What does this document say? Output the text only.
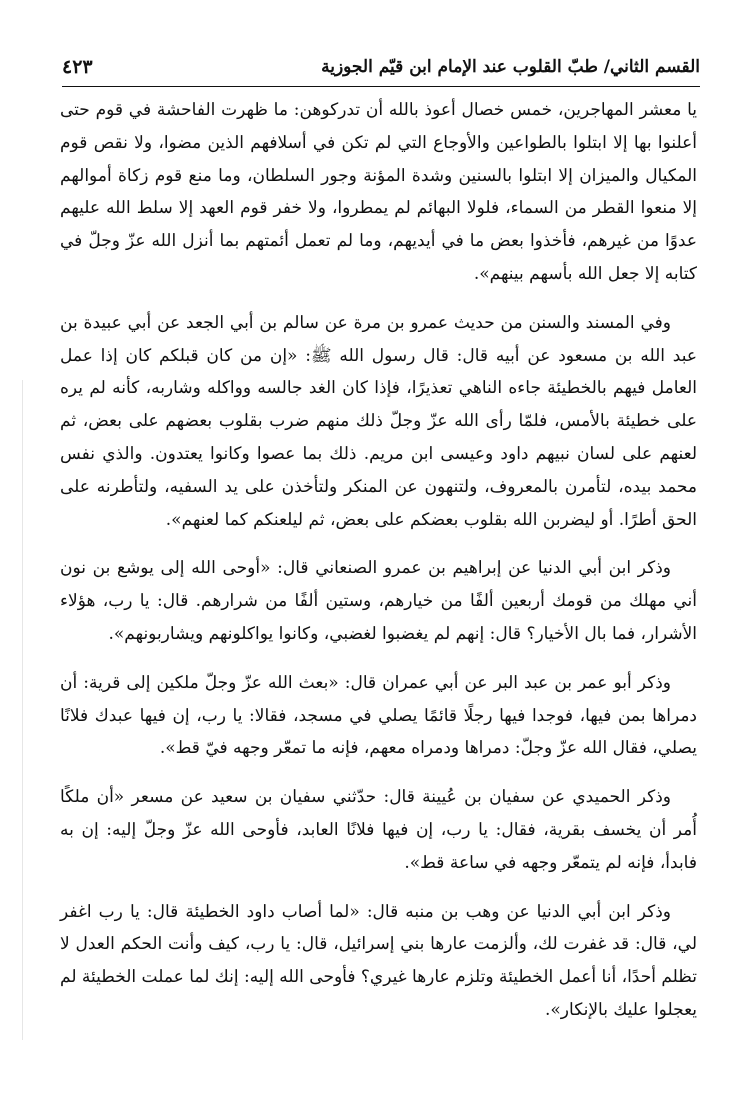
القسم الثاني/ طبّ القلوب عند الإمام ابن قيّم الجوزية
٤٢٣

يا معشر المهاجرين، خمس خصال أعوذ بالله أن تدركوهن: ما ظهرت الفاحشة في قوم حتى أعلنوا بها إلا ابتلوا بالطواعين والأوجاع التي لم تكن في أسلافهم الذين مضوا، ولا نقص قوم المكيال والميزان إلا ابتلوا بالسنين وشدة المؤنة وجور السلطان، وما منع قوم زكاة أموالهم إلا منعوا القطر من السماء، فلولا البهائم لم يمطروا، ولا خفر قوم العهد إلا سلط الله عليهم عدوًا من غيرهم، فأخذوا بعض ما في أيديهم، وما لم تعمل أئمتهم بما أنزل الله عزّ وجلّ في كتابه إلا جعل الله بأسهم بينهم».

وفي المسند والسنن من حديث عمرو بن مرة عن سالم بن أبي الجعد عن أبي عبيدة بن عبد الله بن مسعود عن أبيه قال: قال رسول الله ﷺ: «إن من كان قبلكم كان إذا عمل العامل فيهم بالخطيئة جاءه الناهي تعذيرًا، فإذا كان الغد جالسه وواكله وشاربه، كأنه لم يره على خطيئة بالأمس، فلمّا رأى الله عزّ وجلّ ذلك منهم ضرب بقلوب بعضهم على بعض، ثم لعنهم على لسان نبيهم داود وعيسى ابن مريم. ذلك بما عصوا وكانوا يعتدون. والذي نفس محمد بيده، لتأمرن بالمعروف، ولتنهون عن المنكر ولتأخذن على يد السفيه، ولتأطرنه على الحق أطرًا. أو ليضربن الله بقلوب بعضكم على بعض، ثم ليلعنكم كما لعنهم».

وذكر ابن أبي الدنيا عن إبراهيم بن عمرو الصنعاني قال: «أوحى الله إلى يوشع بن نون أني مهلك من قومك أربعين ألفًا من خيارهم، وستين ألفًا من شرارهم. قال: يا رب، هؤلاء الأشرار، فما بال الأخيار؟ قال: إنهم لم يغضبوا لغضبي، وكانوا يواكلونهم ويشاربونهم».

وذكر أبو عمر بن عبد البر عن أبي عمران قال: «بعث الله عزّ وجلّ ملكين إلى قرية: أن دمراها بمن فيها، فوجدا فيها رجلًا قائمًا يصلي في مسجد، فقالا: يا رب، إن فيها عبدك فلانًا يصلي، فقال الله عزّ وجلّ: دمراها ودمراه معهم، فإنه ما تمعّر وجهه فيّ قط».

وذكر الحميدي عن سفيان بن عُيينة قال: حدّثني سفيان بن سعيد عن مسعر «أن ملكًا أُمر أن يخسف بقرية، فقال: يا رب، إن فيها فلانًا العابد، فأوحى الله عزّ وجلّ إليه: إن به فابدأ، فإنه لم يتمعّر وجهه في ساعة قط».

وذكر ابن أبي الدنيا عن وهب بن منبه قال: «لما أصاب داود الخطيئة قال: يا رب اغفر لي، قال: قد غفرت لك، وألزمت عارها بني إسرائيل، قال: يا رب، كيف وأنت الحكم العدل لا تظلم أحدًا، أنا أعمل الخطيئة وتلزم عارها غيري؟ فأوحى الله إليه: إنك لما عملت الخطيئة لم يعجلوا عليك بالإنكار».
